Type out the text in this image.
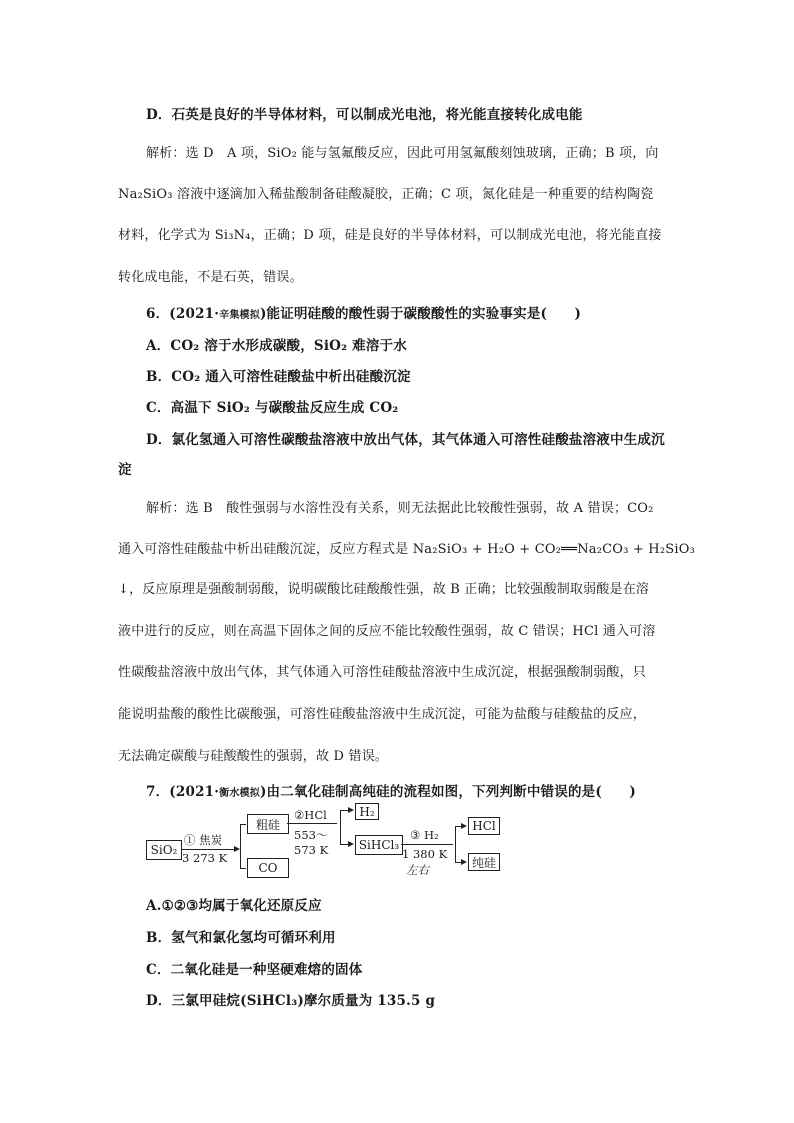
D．石英是良好的半导体材料，可以制成光电池，将光能直接转化成电能
解析：选 D　A 项，SiO₂ 能与氢氟酸反应，因此可用氢氟酸刻蚀玻璃，正确；B 项，向
Na₂SiO₃ 溶液中逐滴加入稀盐酸制备硅酸凝胶，正确；C 项，氮化硅是一种重要的结构陶瓷
材料，化学式为 Si₃N₄，正确；D 项，硅是良好的半导体材料，可以制成光电池，将光能直接
转化成电能，不是石英，错误。
6．(2021·辛集模拟)能证明硅酸的酸性弱于碳酸酸性的实验事实是(　　)
A．CO₂ 溶于水形成碳酸，SiO₂ 难溶于水
B．CO₂ 通入可溶性硅酸盐中析出硅酸沉淀
C．高温下 SiO₂ 与碳酸盐反应生成 CO₂
D．氯化氢通入可溶性碳酸盐溶液中放出气体，其气体通入可溶性硅酸盐溶液中生成沉
淀
解析：选 B　酸性强弱与水溶性没有关系，则无法据此比较酸性强弱，故 A 错误；CO₂
通入可溶性硅酸盐中析出硅酸沉淀，反应方程式是 Na₂SiO₃ + H₂O + CO₂══Na₂CO₃ + H₂SiO₃
↓，反应原理是强酸制弱酸，说明碳酸比硅酸酸性强，故 B 正确；比较强酸制取弱酸是在溶
液中进行的反应，则在高温下固体之间的反应不能比较酸性强弱，故 C 错误；HCl 通入可溶
性碳酸盐溶液中放出气体，其气体通入可溶性硅酸盐溶液中生成沉淀，根据强酸制弱酸，只
能说明盐酸的酸性比碳酸强，可溶性硅酸盐溶液中生成沉淀，可能为盐酸与硅酸盐的反应，
无法确定碳酸与硅酸酸性的强弱，故 D 错误。
7．(2021·衡水模拟)由二氧化硅制高纯硅的流程如图，下列判断中错误的是(　　)
SiO₂
① 焦炭
3 273 K
粗硅
CO
②HCl
553～
573 K
H₂
SiHCl₃
③ H₂
1 380 K
左右
HCl
纯硅
A.①②③均属于氧化还原反应
B．氢气和氯化氢均可循环利用
C．二氧化硅是一种坚硬难熔的固体
D．三氯甲硅烷(SiHCl₃)摩尔质量为 135.5 g
